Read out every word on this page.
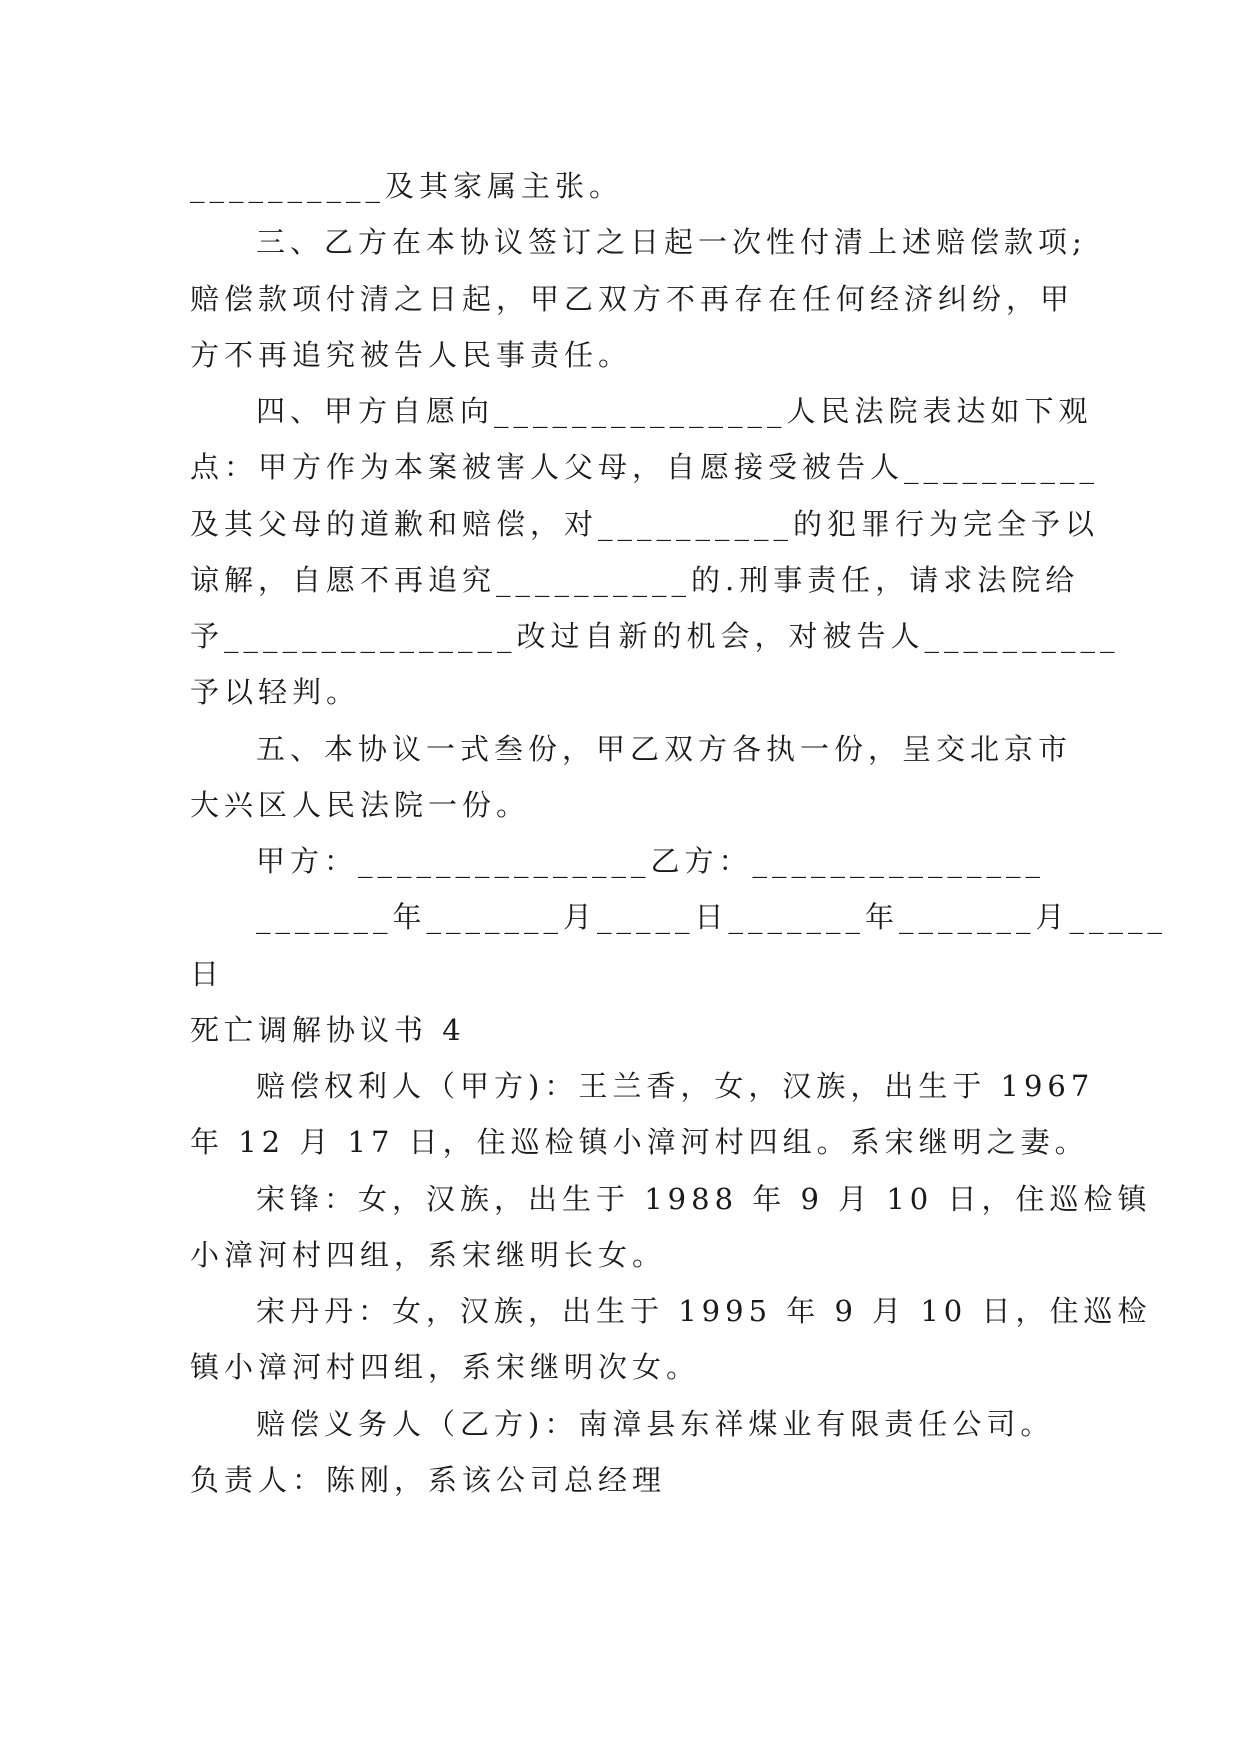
__________及其家属主张。
三、乙方在本协议签订之日起一次性付清上述赔偿款项;
赔偿款项付清之日起，甲乙双方不再存在任何经济纠纷，甲
方不再追究被告人民事责任。
四、甲方自愿向_______________人民法院表达如下观
点：甲方作为本案被害人父母，自愿接受被告人__________
及其父母的道歉和赔偿，对__________的犯罪行为完全予以
谅解，自愿不再追究__________的.刑事责任，请求法院给
予_______________改过自新的机会，对被告人__________
予以轻判。
五、本协议一式叁份，甲乙双方各执一份，呈交北京市
大兴区人民法院一份。
甲方：_______________乙方：_______________
_______年_______月_____日_______年_______月_____
日
死亡调解协议书 4
赔偿权利人（甲方)：王兰香，女，汉族，出生于 1967
年 12 月 17 日，住巡检镇小漳河村四组。系宋继明之妻。
宋锋：女，汉族，出生于 1988 年 9 月 10 日，住巡检镇
小漳河村四组，系宋继明长女。
宋丹丹：女，汉族，出生于 1995 年 9 月 10 日，住巡检
镇小漳河村四组，系宋继明次女。
赔偿义务人（乙方)：南漳县东祥煤业有限责任公司。
负责人：陈刚，系该公司总经理
